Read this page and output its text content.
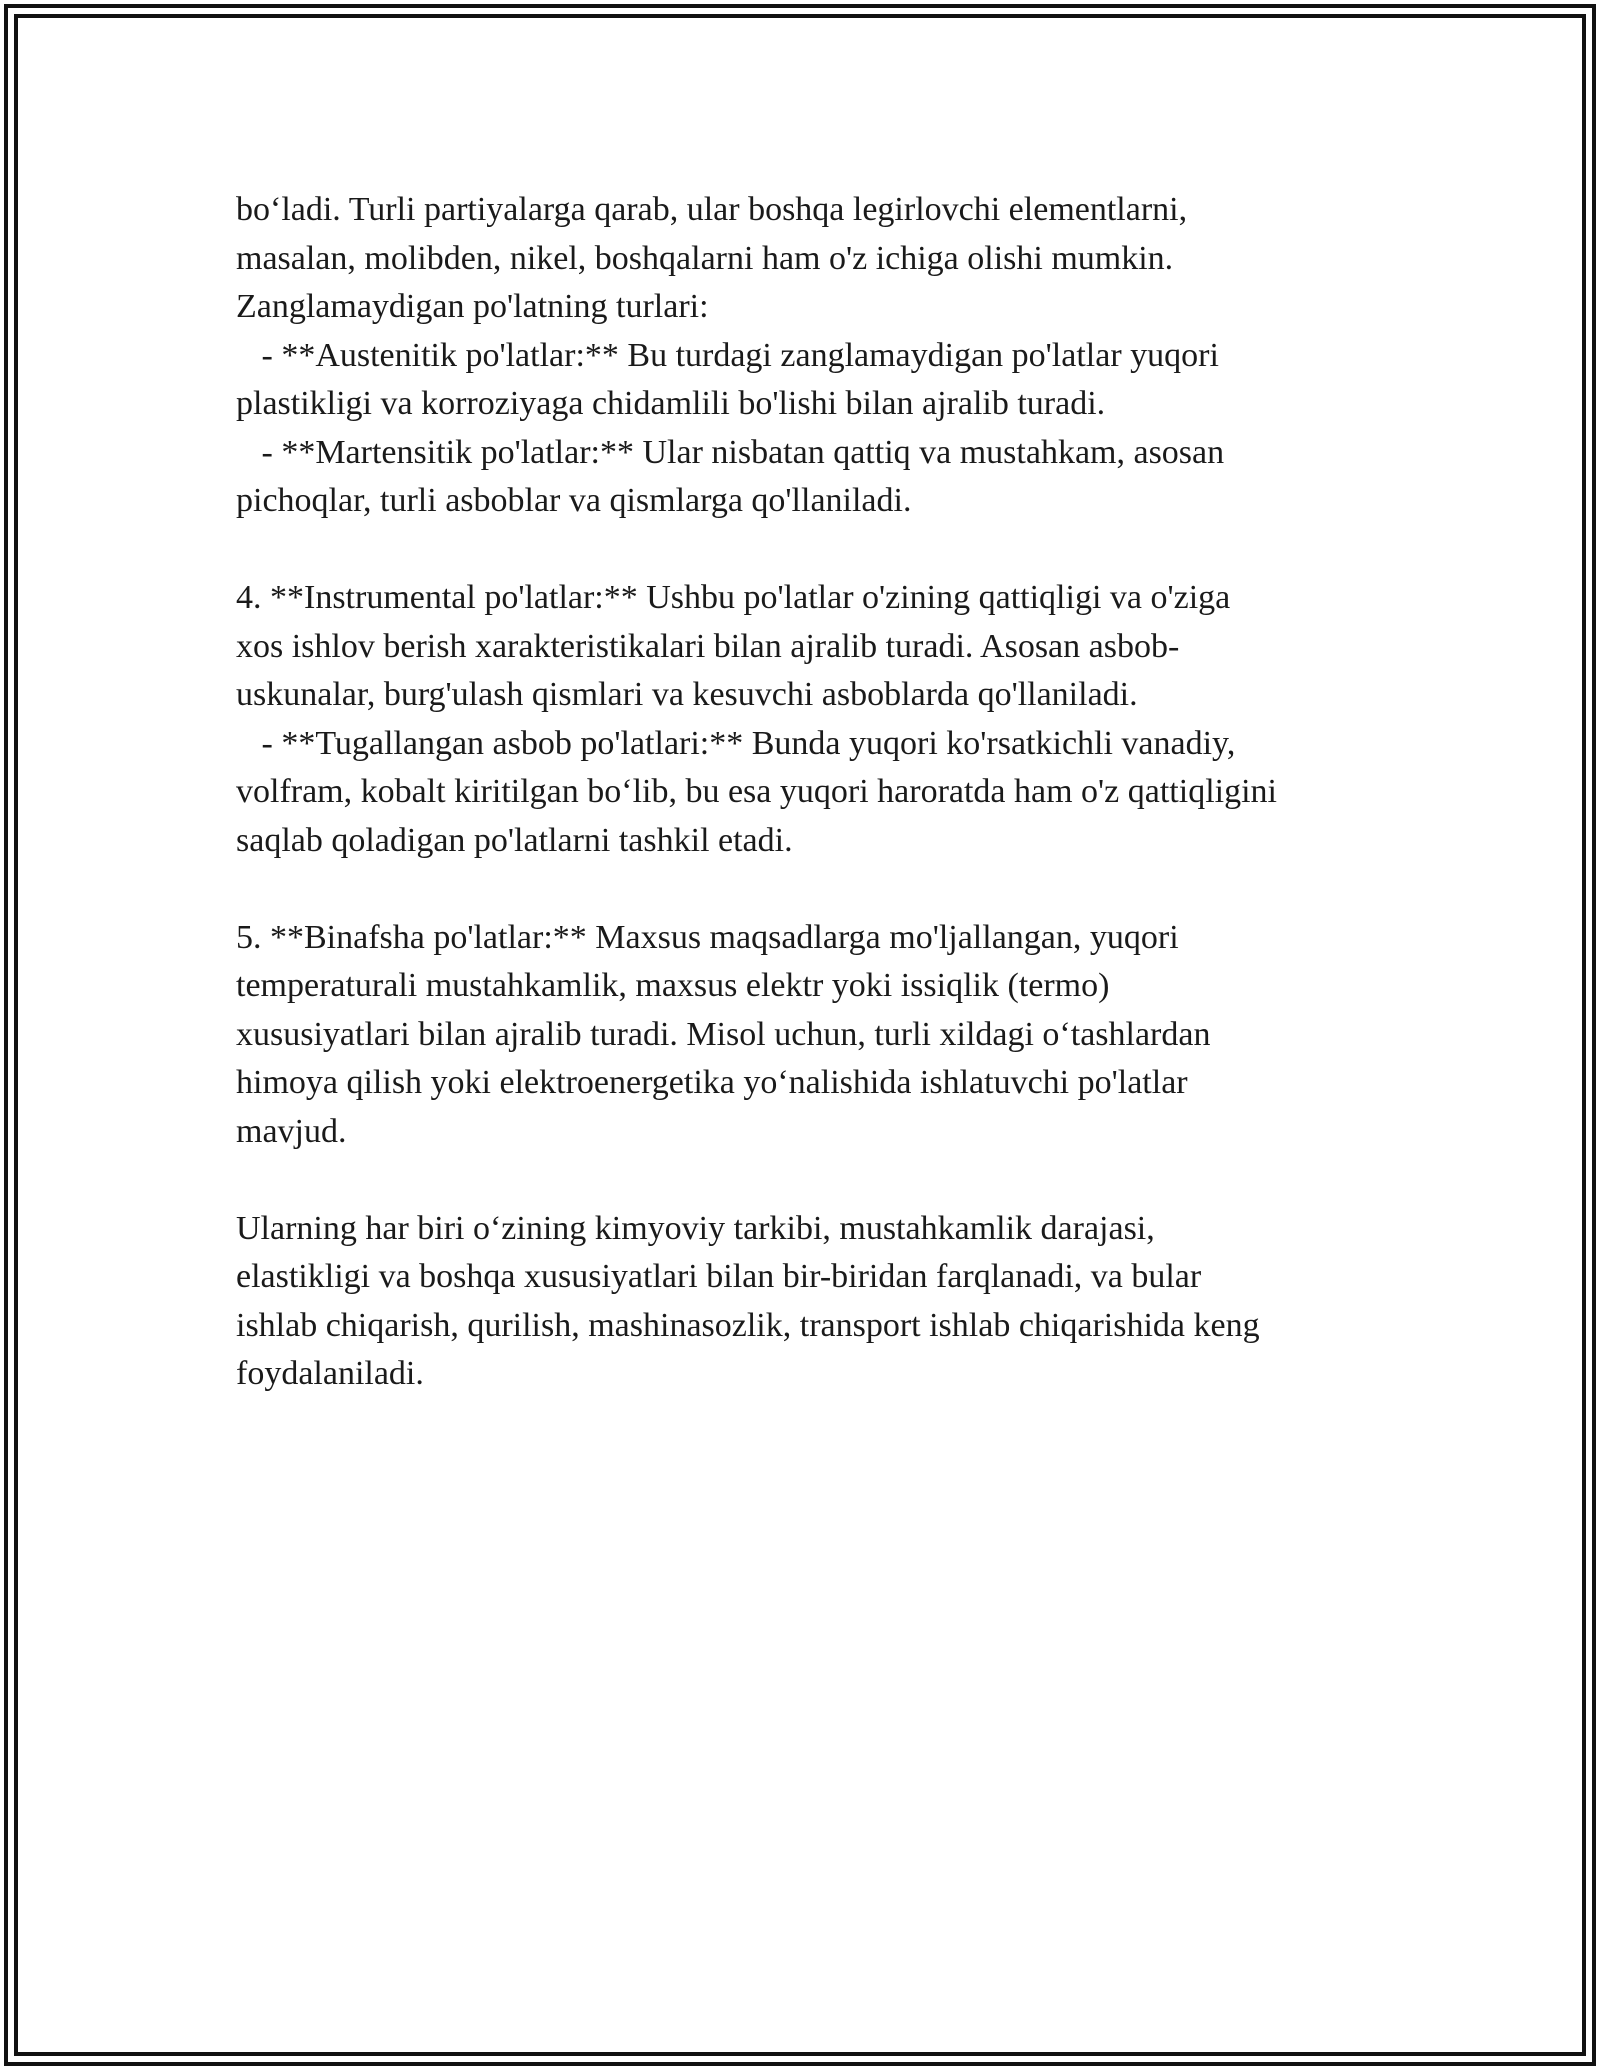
bo‘ladi. Turli partiyalarga qarab, ular boshqa legirlovchi elementlarni,
masalan, molibden, nikel, boshqalarni ham o'z ichiga olishi mumkin.
Zanglamaydigan po'latning turlari:
- **Austenitik po'latlar:** Bu turdagi zanglamaydigan po'latlar yuqori
plastikligi va korroziyaga chidamlili bo'lishi bilan ajralib turadi.
- **Martensitik po'latlar:** Ular nisbatan qattiq va mustahkam, asosan
pichoqlar, turli asboblar va qismlarga qo'llaniladi.
4. **Instrumental po'latlar:** Ushbu po'latlar o'zining qattiqligi va o'ziga
xos ishlov berish xarakteristikalari bilan ajralib turadi. Asosan asbob-
uskunalar, burg'ulash qismlari va kesuvchi asboblarda qo'llaniladi.
- **Tugallangan asbob po'latlari:** Bunda yuqori ko'rsatkichli vanadiy,
volfram, kobalt kiritilgan bo‘lib, bu esa yuqori haroratda ham o'z qattiqligini
saqlab qoladigan po'latlarni tashkil etadi.
5. **Binafsha po'latlar:** Maxsus maqsadlarga mo'ljallangan, yuqori
temperaturali mustahkamlik, maxsus elektr yoki issiqlik (termo)
xususiyatlari bilan ajralib turadi. Misol uchun, turli xildagi o‘tashlardan
himoya qilish yoki elektroenergetika yo‘nalishida ishlatuvchi po'latlar
mavjud.
Ularning har biri o‘zining kimyoviy tarkibi, mustahkamlik darajasi,
elastikligi va boshqa xususiyatlari bilan bir-biridan farqlanadi, va bular
ishlab chiqarish, qurilish, mashinasozlik, transport ishlab chiqarishida keng
foydalaniladi.
